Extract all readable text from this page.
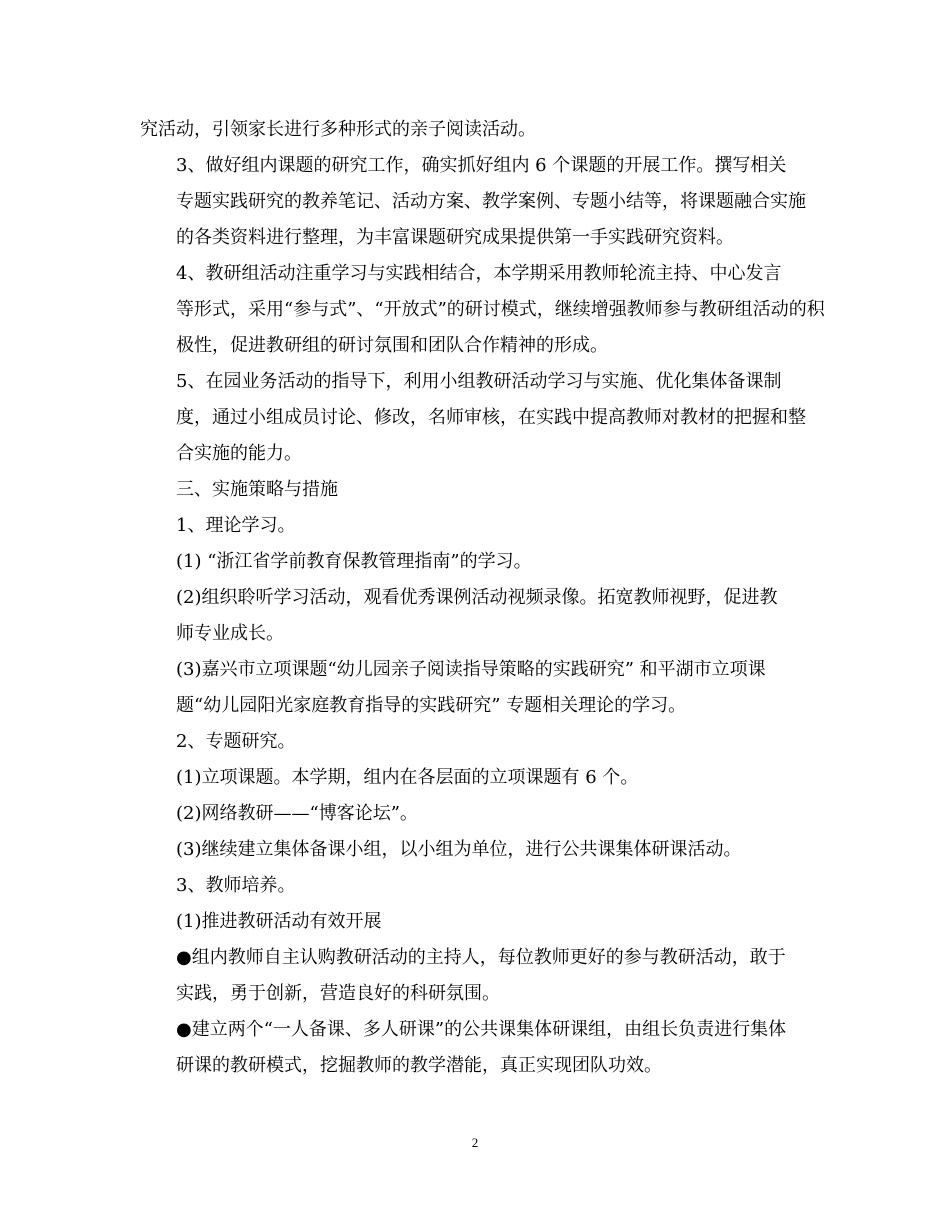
究活动，引领家长进行多种形式的亲子阅读活动。
3、做好组内课题的研究工作，确实抓好组内 6 个课题的开展工作。撰写相关
专题实践研究的教养笔记、活动方案、教学案例、专题小结等，将课题融合实施
的各类资料进行整理，为丰富课题研究成果提供第一手实践研究资料。
4、教研组活动注重学习与实践相结合，本学期采用教师轮流主持、中心发言
等形式，采用“参与式”、“开放式”的研讨模式，继续增强教师参与教研组活动的积
极性，促进教研组的研讨氛围和团队合作精神的形成。
5、在园业务活动的指导下，利用小组教研活动学习与实施、优化集体备课制
度，通过小组成员讨论、修改，名师审核，在实践中提高教师对教材的把握和整
合实施的能力。
三、实施策略与措施
1、理论学习。
(1) “浙江省学前教育保教管理指南”的学习。
(2)组织聆听学习活动，观看优秀课例活动视频录像。拓宽教师视野，促进教
师专业成长。
(3)嘉兴市立项课题“幼儿园亲子阅读指导策略的实践研究” 和平湖市立项课
题“幼儿园阳光家庭教育指导的实践研究” 专题相关理论的学习。
2、专题研究。
(1)立项课题。本学期，组内在各层面的立项课题有 6 个。
(2)网络教研——“博客论坛”。
(3)继续建立集体备课小组，以小组为单位，进行公共课集体研课活动。
3、教师培养。
(1)推进教研活动有效开展
●组内教师自主认购教研活动的主持人，每位教师更好的参与教研活动，敢于
实践，勇于创新，营造良好的科研氛围。
●建立两个“一人备课、多人研课”的公共课集体研课组，由组长负责进行集体
研课的教研模式，挖掘教师的教学潜能，真正实现团队功效。
2
